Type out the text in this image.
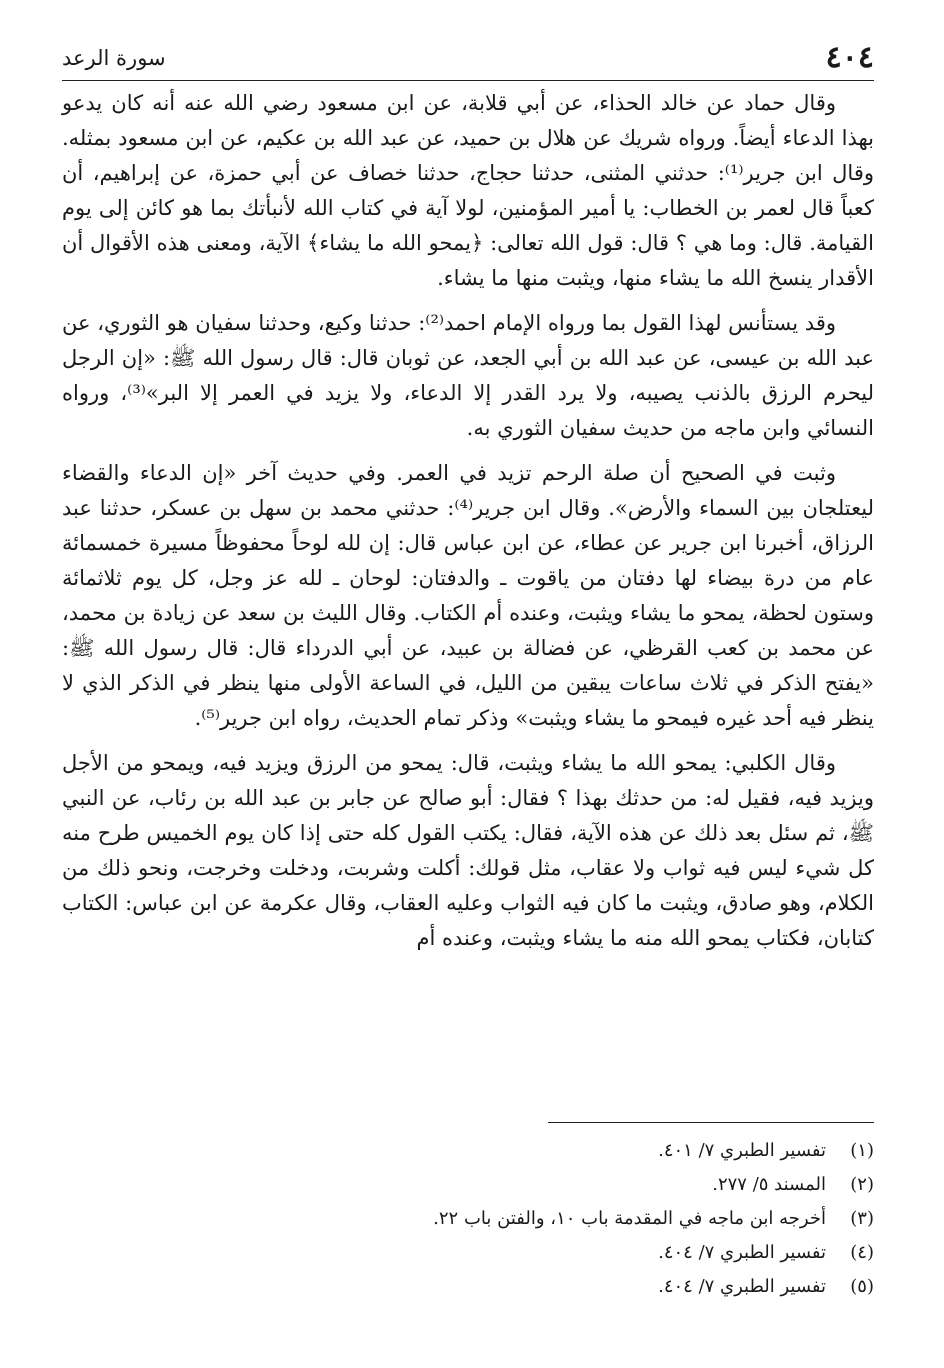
٤٠٤
سورة الرعد

وقال حماد عن خالد الحذاء، عن أبي قلابة، عن ابن مسعود رضي الله عنه أنه كان يدعو بهذا الدعاء أيضاً. ورواه شريك عن هلال بن حميد، عن عبد الله بن عكيم، عن ابن مسعود بمثله. وقال ابن جرير⁽¹⁾: حدثني المثنى، حدثنا حجاج، حدثنا خصاف عن أبي حمزة، عن إبراهيم، أن كعباً قال لعمر بن الخطاب: يا أمير المؤمنين، لولا آية في كتاب الله لأنبأتك بما هو كائن إلى يوم القيامة. قال: وما هي ؟ قال: قول الله تعالى: ﴿يمحو الله ما يشاء﴾ الآية، ومعنى هذه الأقوال أن الأقدار ينسخ الله ما يشاء منها، ويثبت منها ما يشاء.

وقد يستأنس لهذا القول بما ورواه الإمام احمد⁽²⁾: حدثنا وكيع، وحدثنا سفيان هو الثوري، عن عبد الله بن عيسى، عن عبد الله بن أبي الجعد، عن ثوبان قال: قال رسول الله ﷺ: «إن الرجل ليحرم الرزق بالذنب يصيبه، ولا يرد القدر إلا الدعاء، ولا يزيد في العمر إلا البر»⁽³⁾، ورواه النسائي وابن ماجه من حديث سفيان الثوري به.

وثبت في الصحيح أن صلة الرحم تزيد في العمر. وفي حديث آخر «إن الدعاء والقضاء ليعتلجان بين السماء والأرض». وقال ابن جرير⁽⁴⁾: حدثني محمد بن سهل بن عسكر، حدثنا عبد الرزاق، أخبرنا ابن جرير عن عطاء، عن ابن عباس قال: إن لله لوحاً محفوظاً مسيرة خمسمائة عام من درة بيضاء لها دفتان من ياقوت ـ والدفتان: لوحان ـ لله عز وجل، كل يوم ثلاثمائة وستون لحظة، يمحو ما يشاء ويثبت، وعنده أم الكتاب. وقال الليث بن سعد عن زيادة بن محمد، عن محمد بن كعب القرظي، عن فضالة بن عبيد، عن أبي الدرداء قال: قال رسول الله ﷺ: «يفتح الذكر في ثلاث ساعات يبقين من الليل، في الساعة الأولى منها ينظر في الذكر الذي لا ينظر فيه أحد غيره فيمحو ما يشاء ويثبت» وذكر تمام الحديث، رواه ابن جرير⁽⁵⁾.

وقال الكلبي: يمحو الله ما يشاء ويثبت، قال: يمحو من الرزق ويزيد فيه، ويمحو من الأجل ويزيد فيه، فقيل له: من حدثك بهذا ؟ فقال: أبو صالح عن جابر بن عبد الله بن رئاب، عن النبي ﷺ، ثم سئل بعد ذلك عن هذه الآية، فقال: يكتب القول كله حتى إذا كان يوم الخميس طرح منه كل شيء ليس فيه ثواب ولا عقاب، مثل قولك: أكلت وشربت، ودخلت وخرجت، ونحو ذلك من الكلام، وهو صادق، ويثبت ما كان فيه الثواب وعليه العقاب، وقال عكرمة عن ابن عباس: الكتاب كتابان، فكتاب يمحو الله منه ما يشاء ويثبت، وعنده أم

(١)تفسير الطبري ٧/ ٤٠١.
(٢)المسند ٥/ ٢٧٧.
(٣)أخرجه ابن ماجه في المقدمة باب ١٠، والفتن باب ٢٢.
(٤)تفسير الطبري ٧/ ٤٠٤.
(٥)تفسير الطبري ٧/ ٤٠٤.
